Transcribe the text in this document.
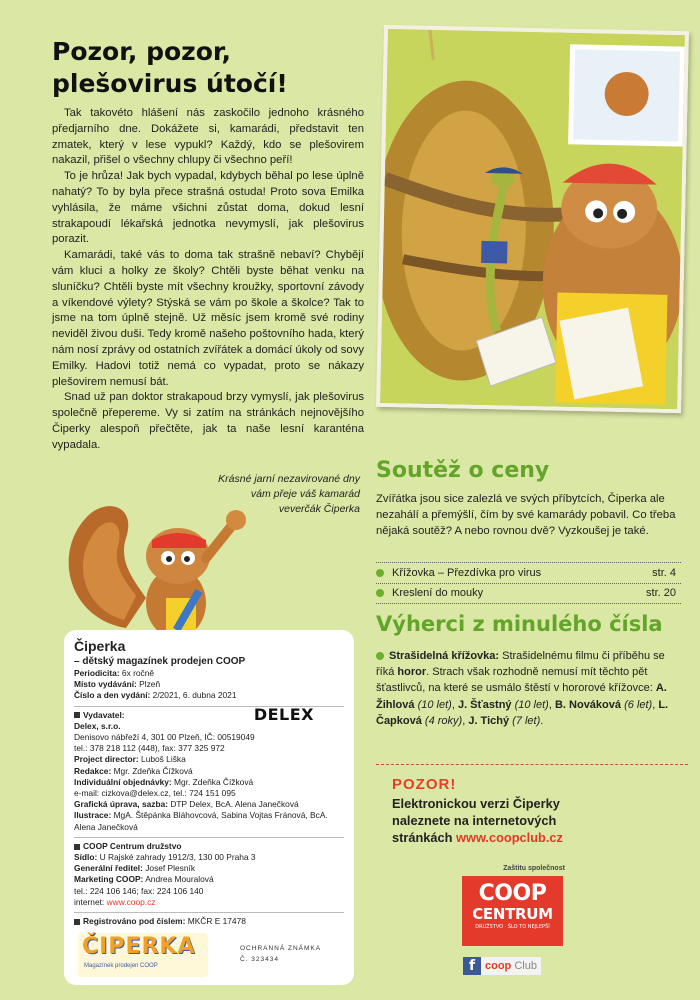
Pozor, pozor,
plešovirus útočí!

Tak takovéto hlášení nás zaskočilo jednoho krásného předjarního dne. Dokážete si, kamarádi, představit ten zmatek, který v lese vypukl? Každý, kdo se plešovirem nakazil, přišel o všechny chlupy či všechno peří!

To je hrůza! Jak bych vypadal, kdybych běhal po lese úplně nahatý? To by byla přece strašná ostuda! Proto sova Emilka vyhlásila, že máme všichni zůstat doma, dokud lesní strakapoudí lékařská jednotka nevymyslí, jak plešovirus porazit.

Kamarádi, také vás to doma tak strašně nebaví? Chybějí vám kluci a holky ze školy? Chtěli byste běhat venku na sluníčku? Chtěli byste mít všechny kroužky, sportovní závody a víkendové výlety? Stýská se vám po škole a školce? Tak to jsme na tom úplně stejně. Už měsíc jsem kromě své rodiny neviděl živou duši. Tedy kromě našeho poštovního hada, který nám nosí zprávy od ostatních zvířátek a domácí úkoly od sovy Emilky. Hadovi totiž nemá co vypadat, proto se nákazy plešovirem nemusí bát.

Snad už pan doktor strakapoud brzy vymyslí, jak plešovirus společně přepereme. Vy si zatím na stránkách nejnovějšího Čiperky alespoň přečtěte, jak ta naše lesní karanténa vypadala.

Krásné jarní nezavirované dny
vám přeje váš kamarád
veverčák Čiperka
Čiperka
– dětský magazínek prodejen COOP
Periodicita: 6x ročně
Místo vydávání: Plzeň
Číslo a den vydání: 2/2021, 6. dubna 2021
DELEX
Vydavatel:
Delex, s.r.o.
Denisovo nábřeží 4, 301 00 Plzeň, IČ: 00519049
tel.: 378 218 112 (448), fax: 377 325 972
Project director: Luboš Liška
Redakce: Mgr. Zdeňka Čížková
Individuální objednávky: Mgr. Zdeňka Čížková
e-mail: cizkova@delex.cz, tel.: 724 151 095
Grafická úprava, sazba: DTP Delex, BcA. Alena Janečková
Ilustrace: MgA. Štěpánka Bláhovcová, Sabina Vojtas Fránová, BcA. Alena Janečková
COOP Centrum družstvo
Sídlo: U Rajské zahrady 1912/3, 130 00 Praha 3
Generální ředitel: Josef Plesník
Marketing COOP: Andrea Mouralová
tel.: 224 106 146; fax: 224 106 140
internet: www.coop.cz
Registrováno pod číslem: MKČR E 17478
ČIPERKA
Magazínek prodejen COOP
OCHRANNÁ ZNÁMKA
Č. 323434
Soutěž o ceny
Zvířátka jsou sice zalezlá ve svých příbytcích, Čiperka ale nezahálí a přemýšlí, čím by své kamarády pobavil. Co třeba nějaká soutěž? A nebo rovnou dvě? Vyzkoušej je také.
Křížovka – Přezdívka pro virus	str. 4
Kreslení do mouky	str. 20
Výherci z minulého čísla
Strašidelná křížovka: Strašidelnému filmu či příběhu se říká horor. Strach však rozhodně nemusí mít těchto pět šťastlivců, na které se usmálo štěstí v hororové křížovce: A. Žihlová (10 let), J. Šťastný (10 let), B. Nováková (6 let), L. Čapková (4 roky), J. Tichý (7 let).
POZOR!
Elektronickou verzi Čiperky
naleznete na internetových
stránkách www.coopclub.cz
Zaštitu společnost
COOP
CENTRUM
DRUŽSTVO · ŠLO TO NEJLEPŠÍ
f coop Club
